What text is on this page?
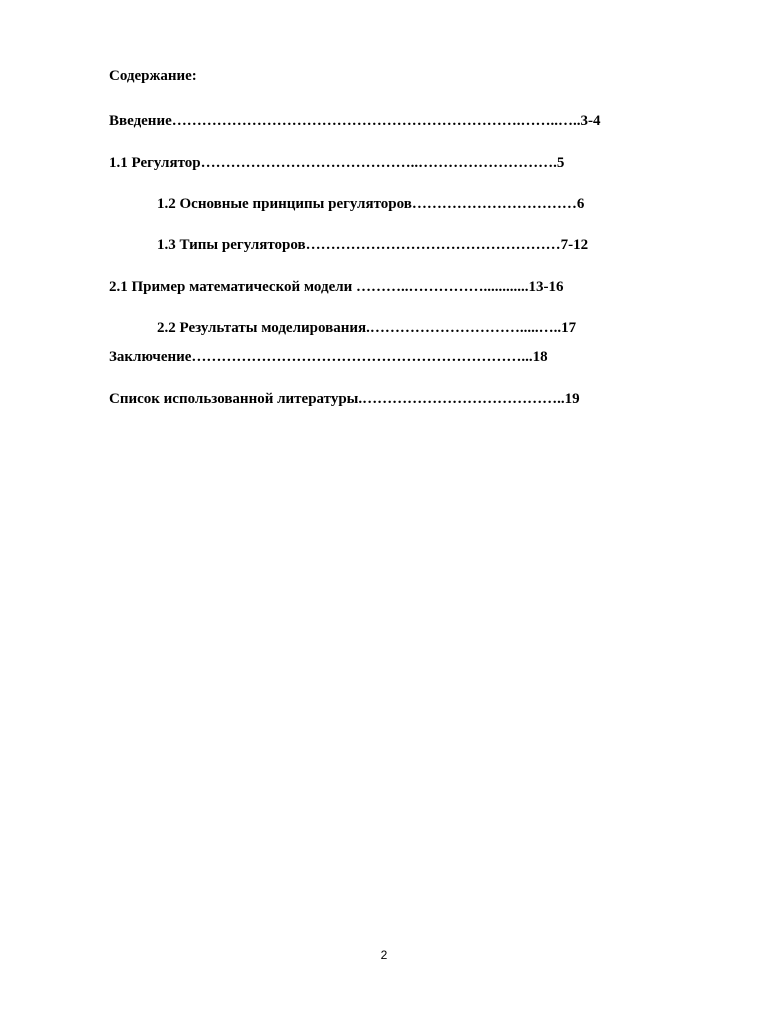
Содержание:
Введение…………………………………………………………….……..…..3-4
1.1 Регулятор……………………………………..……………………….5
1.2 Основные принципы регуляторов……………………………6
1.3 Типы регуляторов……………………………………………7-12
2.1 Пример математической модели ………..……………............13-16
2.2 Результаты моделирования.………………………….....…..17
Заключение…………………………………………………………...18
Список использованной литературы.…………………………………..19
2
